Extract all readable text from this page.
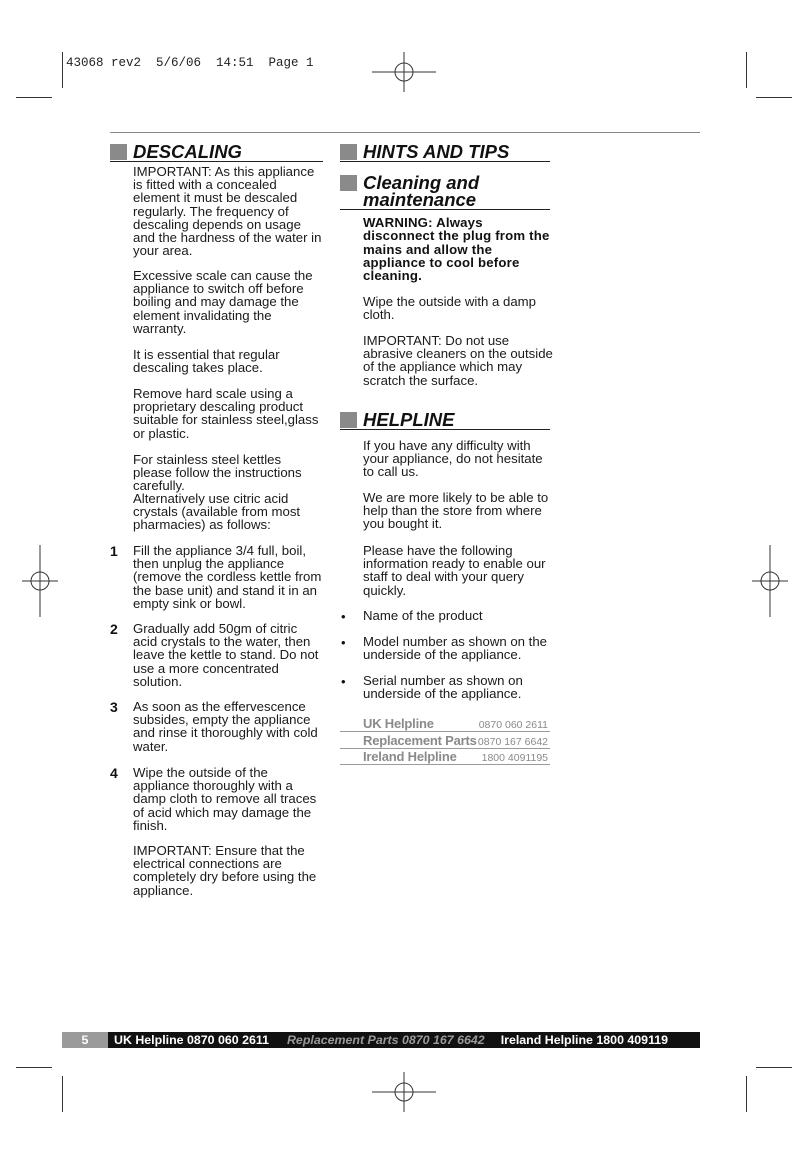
43068 rev2  5/6/06  14:51  Page 1
DESCALING
IMPORTANT: As this appliance is fitted with a concealed element it must be descaled regularly. The frequency of descaling depends on usage and the hardness of the water in your area.
Excessive scale can cause the appliance to switch off before boiling and may damage the element invalidating the warranty.
It is essential that regular descaling takes place.
Remove hard scale using a proprietary descaling product suitable for stainless steel,glass or plastic.
For stainless steel kettles please follow the instructions carefully.
Alternatively use citric acid crystals (available from most pharmacies) as follows:
1 Fill the appliance 3/4 full, boil, then unplug the appliance (remove the cordless kettle from the base unit) and stand it in an empty sink or bowl.
2 Gradually add 50gm of citric acid crystals to the water, then leave the kettle to stand. Do not use a more concentrated solution.
3 As soon as the effervescence subsides, empty the appliance and rinse it thoroughly with cold water.
4 Wipe the outside of the appliance thoroughly with a damp cloth to remove all traces of acid which may damage the finish.
IMPORTANT: Ensure that the electrical connections are completely dry before using the appliance.
HINTS AND TIPS
Cleaning and
maintenance
WARNING: Always disconnect the plug from the mains and allow the appliance to cool before cleaning.
Wipe the outside with a damp cloth.
IMPORTANT: Do not use abrasive cleaners on the outside of the appliance which may scratch the surface.
HELPLINE
If you have any difficulty with your appliance, do not hesitate to call us.
We are more likely to be able to help than the store from where you bought it.
Please have the following information ready to enable our staff to deal with your query quickly.
• Name of the product
• Model number as shown on the underside of the appliance.
• Serial number as shown on underside of the appliance.
UK Helpline	0870 060 2611
Replacement Parts 0870 167 6642
Ireland Helpline 1800 4091195
5	UK Helpline 0870 060 2611 Replacement Parts 0870 167 6642 Ireland Helpline 1800 409119
